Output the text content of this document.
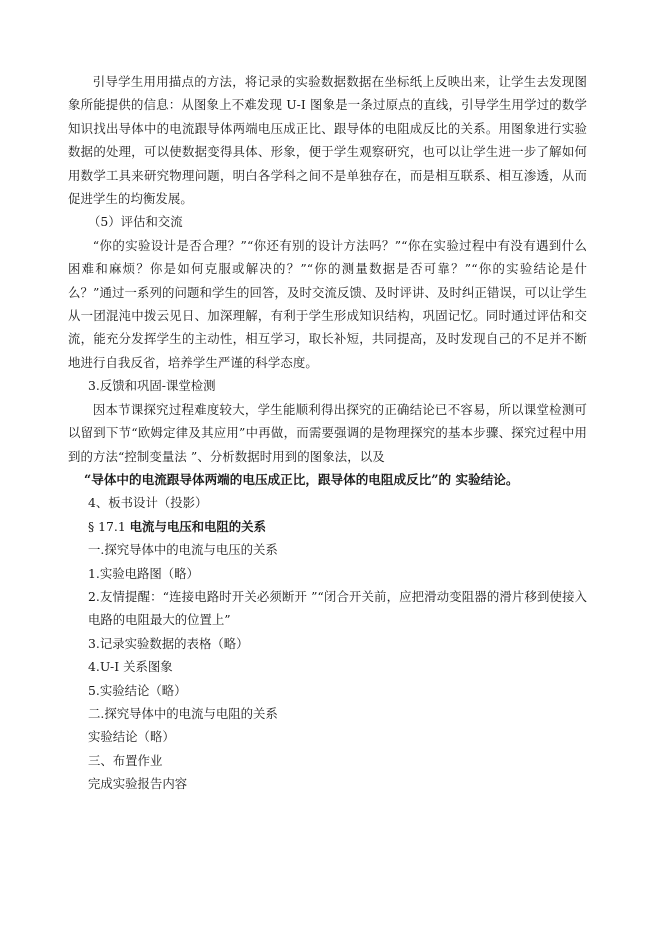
引导学生用用描点的方法，将记录的实验数据数据在坐标纸上反映出来，让学生去发现图象所能提供的信息：从图象上不难发现 U-I 图象是一条过原点的直线，引导学生用学过的数学知识找出导体中的电流跟导体两端电压成正比、跟导体的电阻成反比的关系。用图象进行实验数据的处理，可以使数据变得具体、形象，便于学生观察研究，也可以让学生进一步了解如何用数学工具来研究物理问题，明白各学科之间不是单独存在，而是相互联系、相互渗透，从而促进学生的均衡发展。

（5）评估和交流

“你的实验设计是否合理？”“你还有别的设计方法吗？”“你在实验过程中有没有遇到什么困难和麻烦？你是如何克服或解决的？”“你的测量数据是否可靠？”“你的实验结论是什么？”通过一系列的问题和学生的回答，及时交流反馈、及时评讲、及时纠正错误，可以让学生从一团混沌中拨云见日、加深理解，有利于学生形成知识结构，巩固记忆。同时通过评估和交流，能充分发挥学生的主动性，相互学习，取长补短，共同提高，及时发现自己的不足并不断地进行自我反省，培养学生严谨的科学态度。

3.反馈和巩固-课堂检测

因本节课探究过程难度较大，学生能顺利得出探究的正确结论已不容易，所以课堂检测可以留到下节“欧姆定律及其应用”中再做，而需要强调的是物理探究的基本步骤、探究过程中用到的方法“控制变量法 ”、分析数据时用到的图象法，以及

“导体中的电流跟导体两端的电压成正比，跟导体的电阻成反比”的 实验结论。

4、板书设计（投影）

§ 17.1 电流与电压和电阻的关系

一.探究导体中的电流与电压的关系

1.实验电路图（略）

2.友情提醒：“连接电路时开关必须断开 ”“闭合开关前，应把滑动变阻器的滑片移到使接入电路的电阻最大的位置上”

3.记录实验数据的表格（略）

4.U-I 关系图象

5.实验结论（略）

二.探究导体中的电流与电阻的关系

实验结论（略）

三、布置作业

完成实验报告内容
